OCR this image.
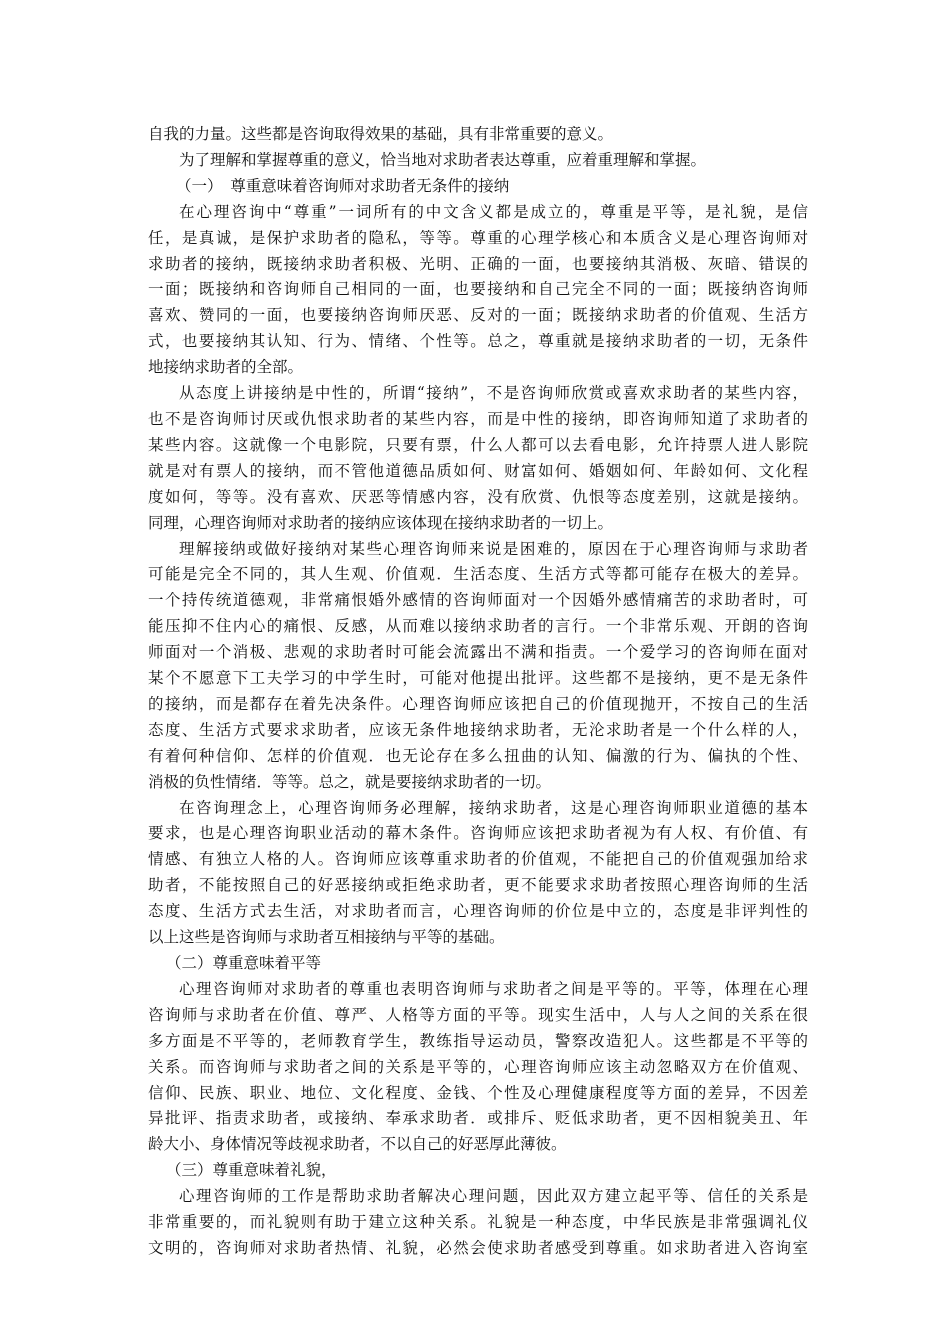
自我的力量。这些都是咨询取得效果的基础，具有非常重要的意义。
为了理解和掌握尊重的意义，恰当地对求助者表达尊重，应着重理解和掌握。
（一）　尊重意味着咨询师对求助者无条件的接纳
在心理咨询中“尊重”一词所有的中文含义都是成立的，尊重是平等，是礼貌，是信
任，是真诚，是保护求助者的隐私，等等。尊重的心理学核心和本质含义是心理咨询师对
求助者的接纳，既接纳求助者积极、光明、正确的一面，也要接纳其消极、灰暗、错误的
一面；既接纳和咨询师自己相同的一面，也要接纳和自己完全不同的一面；既接纳咨询师
喜欢、赞同的一面，也要接纳咨询师厌恶、反对的一面；既接纳求助者的价值观、生活方
式，也要接纳其认知、行为、情绪、个性等。总之，尊重就是接纳求助者的一切，无条件
地接纳求助者的全部。
从态度上讲接纳是中性的，所谓“接纳”，不是咨询师欣赏或喜欢求助者的某些内容，
也不是咨询师讨厌或仇恨求助者的某些内容，而是中性的接纳，即咨询师知道了求助者的
某些内容。这就像一个电影院，只要有票，什么人都可以去看电影，允许持票人进人影院
就是对有票人的接纳，而不管他道德品质如何、财富如何、婚姻如何、年龄如何、文化程
度如何，等等。没有喜欢、厌恶等情感内容，没有欣赏、仇恨等态度差别，这就是接纳。
同理，心理咨询师对求助者的接纳应该体现在接纳求助者的一切上。
理解接纳或做好接纳对某些心理咨询师来说是困难的，原因在于心理咨询师与求助者
可能是完全不同的，其人生观、价值观．生活态度、生活方式等都可能存在极大的差异。
一个持传统道德观，非常痛恨婚外感情的咨询师面对一个因婚外感情痛苦的求助者时，可
能压抑不住内心的痛恨、反感，从而难以接纳求助者的言行。一个非常乐观、开朗的咨询
师面对一个消极、悲观的求助者时可能会流露出不满和指责。一个爱学习的咨询师在面对
某个不愿意下工夫学习的中学生时，可能对他提出批评。这些都不是接纳，更不是无条件
的接纳，而是都存在着先决条件。心理咨询师应该把自己的价值现抛开，不按自己的生活
态度、生活方式要求求助者，应该无条件地接纳求助者，无沦求助者是一个什么样的人，
有着何种信仰、怎样的价值观．也无论存在多么扭曲的认知、偏激的行为、偏执的个性、
消极的负性情绪．等等。总之，就是要接纳求助者的一切。
在咨询理念上，心理咨询师务必理解，接纳求助者，这是心理咨询师职业道德的基本
要求，也是心理咨询职业活动的幕木条件。咨询师应该把求助者视为有人权、有价值、有
情感、有独立人格的人。咨询师应该尊重求助者的价值观，不能把自己的价值观强加给求
助者，不能按照自己的好恶接纳或拒绝求助者，更不能要求求助者按照心理咨询师的生活
态度、生活方式去生活，对求助者而言，心理咨询师的价位是中立的，态度是非评判性的
以上这些是咨询师与求助者互相接纳与平等的基础。
（二）尊重意味着平等
心理咨询师对求助者的尊重也表明咨询师与求助者之间是平等的。平等，体理在心理
咨询师与求助者在价值、尊严、人格等方面的平等。现实生活中，人与人之间的关系在很
多方面是不平等的，老师教育学生，教练指导运动员，警察改造犯人。这些都是不平等的
关系。而咨询师与求助者之间的关系是平等的，心理咨询师应该主动忽略双方在价值观、
信仰、民族、职业、地位、文化程度、金钱、个性及心理健康程度等方面的差异，不因差
异批评、指责求助者，或接纳、奉承求助者．或排斥、贬低求助者，更不因相貌美丑、年
龄大小、身体情况等歧视求助者，不以自己的好恶厚此薄彼。
（三）尊重意味着礼貌，
心理咨询师的工作是帮助求助者解决心理问题，因此双方建立起平等、信任的关系是
非常重要的，而礼貌则有助于建立这种关系。礼貌是一种态度，中华民族是非常强调礼仪
文明的，咨询师对求助者热情、礼貌，必然会使求助者感受到尊重。如求助者进入咨询室
